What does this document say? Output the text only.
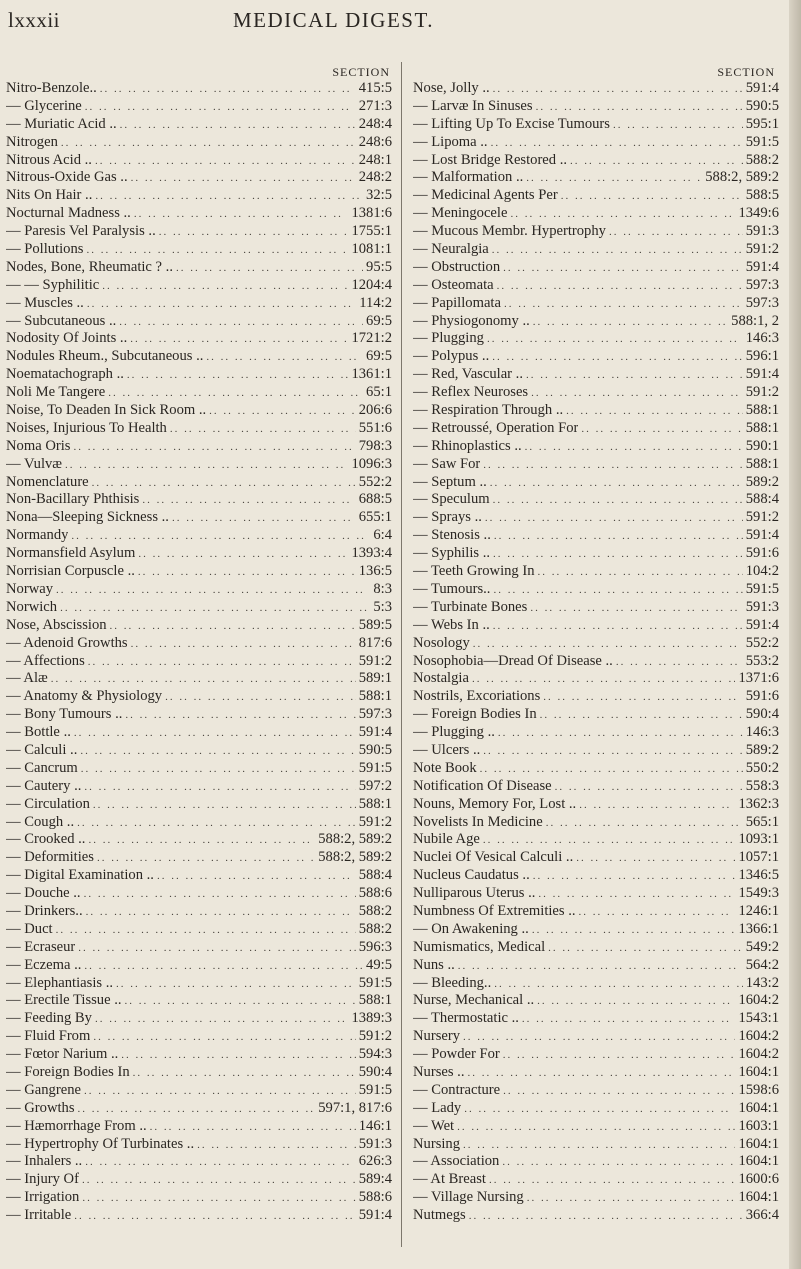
lxxxii	MEDICAL DIGEST.
SECTION
Nitro-Benzole.. .. ..	415:5
— Glycerine .. ..	271:3
— Muriatic Acid .. .. ..	248:4
Nitrogen .. ..	248:6
Nitrous Acid .. .. ..	248:1
Nitrous-Oxide Gas .. .. ..	248:2
Nits On Hair .. .. ..	32:5
Nocturnal Madness .. .. ..	1381:6
— Paresis Vel Paralysis .. .. ..	1755:1
— Pollutions .. ..	1081:1
Nodes, Bone, Rheumatic ? .. .. ..	95:5
— — Syphilitic .. ..	1204:4
— Muscles .. .. ..	114:2
— Subcutaneous .. .. ..	69:5
Nodosity Of Joints .. .. ..	1721:2
Nodules Rheum., Subcutaneous .. .. ..	69:5
Noematachograph .. .. ..	1361:1
Noli Me Tangere .. ..	65:1
Noise, To Deaden In Sick Room .. .. ..	206:6
Noises, Injurious To Health .. ..	551:6
Noma Oris .. ..	798:3
— Vulvæ .. ..	1096:3
Nomenclature .. ..	552:2
Non-Bacillary Phthisis .. ..	688:5
Nona—Sleeping Sickness .. .. ..	655:1
Normandy .. ..	6:4
Normansfield Asylum .. ..	1393:4
Norrisian Corpuscle .. .. ..	136:5
Norway .. ..	8:3
Norwich .. ..	5:3
Nose, Abscission .. ..	589:5
— Adenoid Growths .. ..	817:6
— Affections .. ..	591:2
— Alæ .. ..	589:1
— Anatomy & Physiology .. ..	588:1
— Bony Tumours .. .. ..	597:3
— Bottle .. .. ..	591:4
— Calculi .. .. ..	590:5
— Cancrum .. ..	591:5
— Cautery .. .. ..	597:2
— Circulation .. ..	588:1
— Cough .. .. ..	591:2
— Crooked .. .. ..	588:2, 589:2
— Deformities .. ..	588:2, 589:2
— Digital Examination .. .. ..	588:4
— Douche .. .. ..	588:6
— Drinkers.. .. ..	588:2
— Duct .. ..	588:2
— Ecraseur .. ..	596:3
— Eczema .. .. ..	49:5
— Elephantiasis .. .. ..	591:5
— Erectile Tissue .. .. ..	588:1
— Feeding By .. ..	1389:3
— Fluid From .. ..	591:2
— Fœtor Narium .. .. ..	594:3
— Foreign Bodies In .. ..	590:4
— Gangrene .. ..	591:5
— Growths .. ..	597:1, 817:6
— Hæmorrhage From .. .. ..	146:1
— Hypertrophy Of Turbinates .. .. ..	591:3
— Inhalers .. .. ..	626:3
— Injury Of .. ..	589:4
— Irrigation .. ..	588:6
— Irritable .. ..	591:4
SECTION
Nose, Jolly .. .. ..	591:4
— Larvæ In Sinuses .. ..	590:5
— Lifting Up To Excise Tumours .. ..	595:1
— Lipoma .. .. ..	591:5
— Lost Bridge Restored .. .. ..	588:2
— Malformation .. .. ..	588:2, 589:2
— Medicinal Agents Per .. ..	588:5
— Meningocele .. ..	1349:6
— Mucous Membr. Hypertrophy .. ..	591:3
— Neuralgia .. ..	591:2
— Obstruction .. ..	591:4
— Osteomata .. ..	597:3
— Papillomata .. ..	597:3
— Physiogonomy .. .. ..	588:1, 2
— Plugging .. ..	146:3
— Polypus .. .. ..	596:1
— Red, Vascular .. .. ..	591:4
— Reflex Neuroses .. ..	591:2
— Respiration Through .. .. ..	588:1
— Retroussé, Operation For .. ..	588:1
— Rhinoplastics .. .. ..	590:1
— Saw For .. ..	588:1
— Septum .. .. ..	589:2
— Speculum .. ..	588:4
— Sprays .. .. ..	591:2
— Stenosis .. .. ..	591:4
— Syphilis .. .. ..	591:6
— Teeth Growing In .. ..	104:2
— Tumours.. .. ..	591:5
— Turbinate Bones .. ..	591:3
— Webs In .. .. ..	591:4
Nosology .. ..	552:2
Nosophobia—Dread Of Disease .. .. ..	553:2
Nostalgia .. ..	1371:6
Nostrils, Excoriations .. ..	591:6
— Foreign Bodies In .. ..	590:4
— Plugging .. .. ..	146:3
— Ulcers .. .. ..	589:2
Note Book .. ..	550:2
Notification Of Disease .. ..	558:3
Nouns, Memory For, Lost .. .. ..	1362:3
Novelists In Medicine .. ..	565:1
Nubile Age .. ..	1093:1
Nuclei Of Vesical Calculi .. .. ..	1057:1
Nucleus Caudatus .. .. ..	1346:5
Nulliparous Uterus .. .. ..	1549:3
Numbness Of Extremities .. .. ..	1246:1
— On Awakening .. .. ..	1366:1
Numismatics, Medical .. ..	549:2
Nuns .. .. ..	564:2
— Bleeding.. .. ..	143:2
Nurse, Mechanical .. .. ..	1604:2
— Thermostatic .. .. ..	1543:1
Nursery .. ..	1604:2
— Powder For .. ..	1604:2
Nurses .. .. ..	1604:1
— Contracture .. ..	1598:6
— Lady .. ..	1604:1
— Wet .. ..	1603:1
Nursing .. ..	1604:1
— Association .. ..	1604:1
— At Breast .. ..	1600:6
— Village Nursing .. ..	1604:1
Nutmegs .. ..	366:4
